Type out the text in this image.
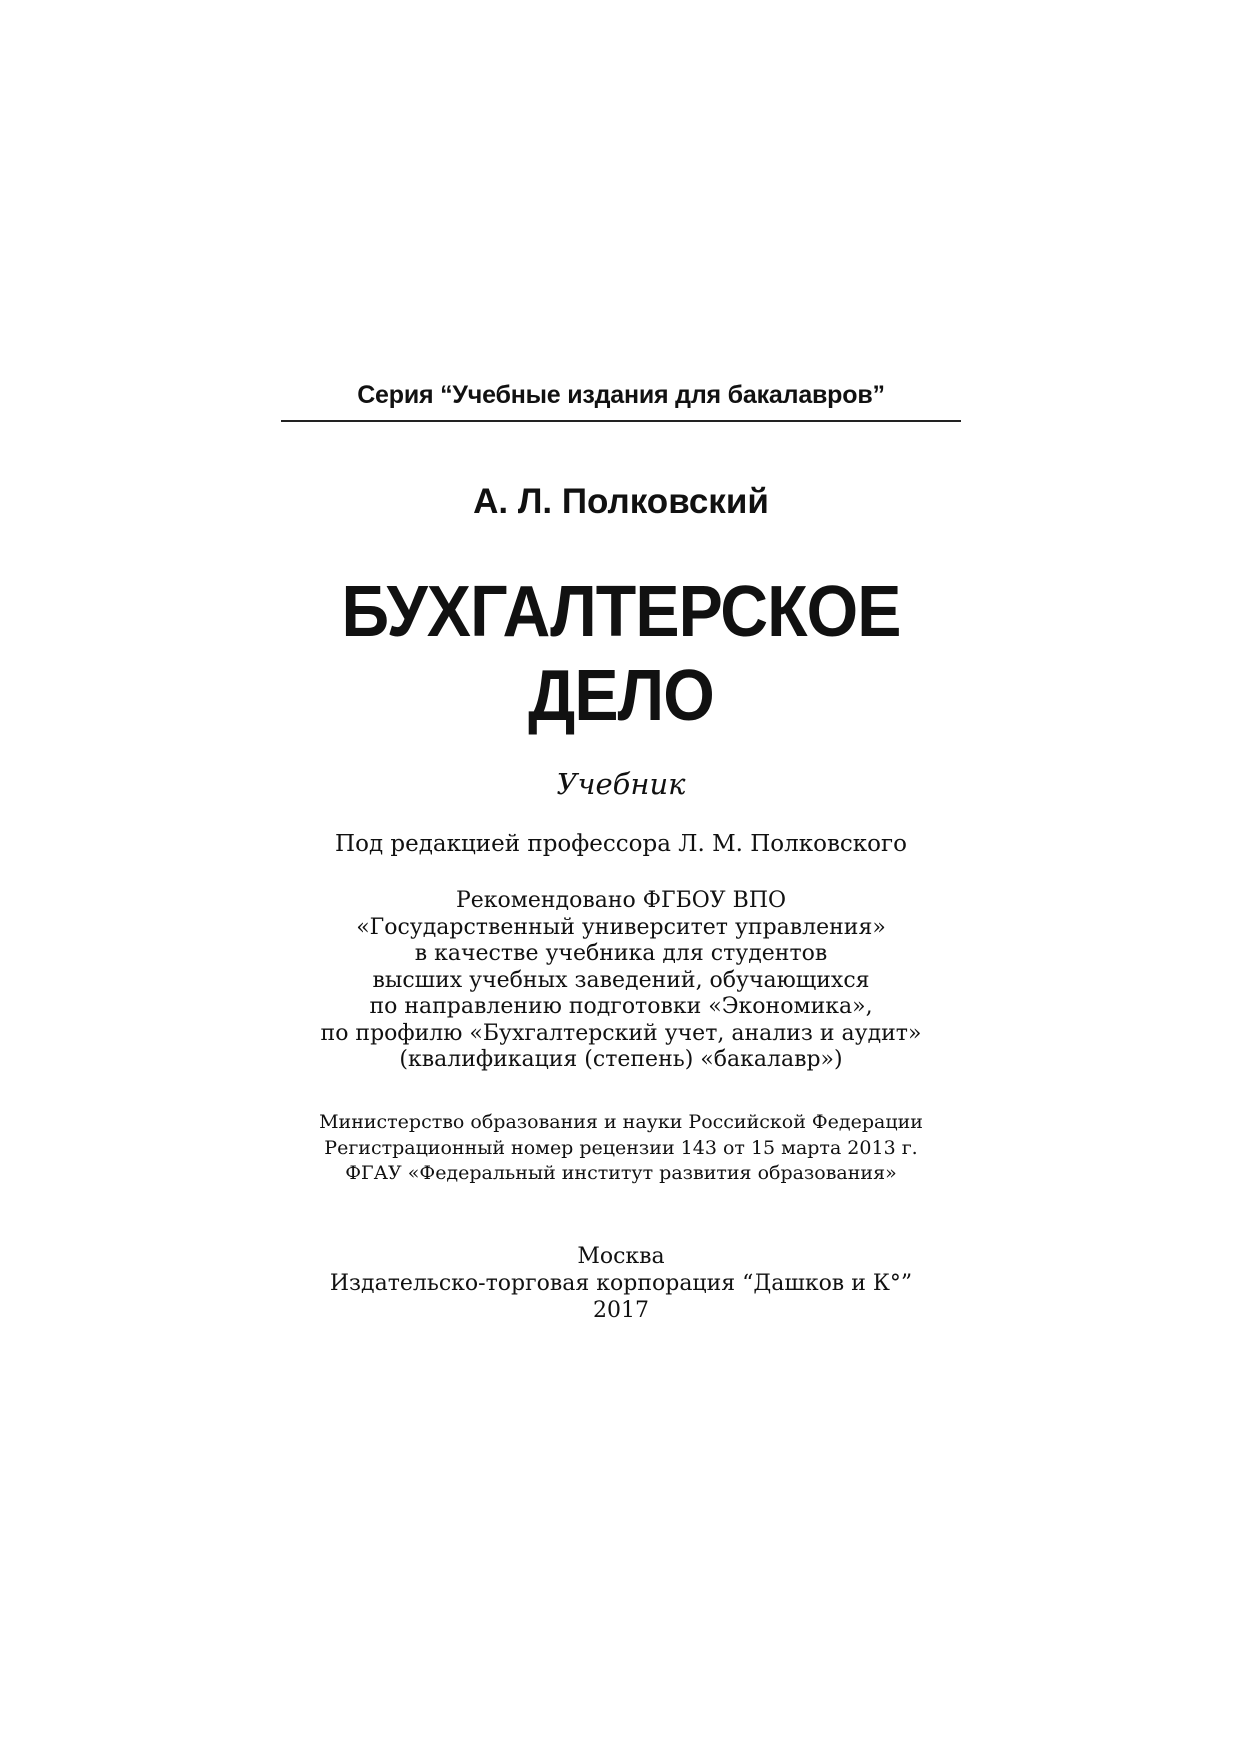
Серия “Учебные издания для бакалавров”
А. Л. Полковский
БУХГАЛТЕРСКОЕ
ДЕЛО
Учебник
Под редакцией профессора Л. М. Полковского
Рекомендовано ФГБОУ ВПО
«Государственный университет управления»
в качестве учебника для студентов
высших учебных заведений, обучающихся
по направлению подготовки «Экономика»,
по профилю «Бухгалтерский учет, анализ и аудит»
(квалификация (степень) «бакалавр»)
Министерство образования и науки Российской Федерации
Регистрационный номер рецензии 143 от 15 марта 2013 г.
ФГАУ «Федеральный институт развития образования»
Москва
Издательско-торговая корпорация “Дашков и К°”
2017
